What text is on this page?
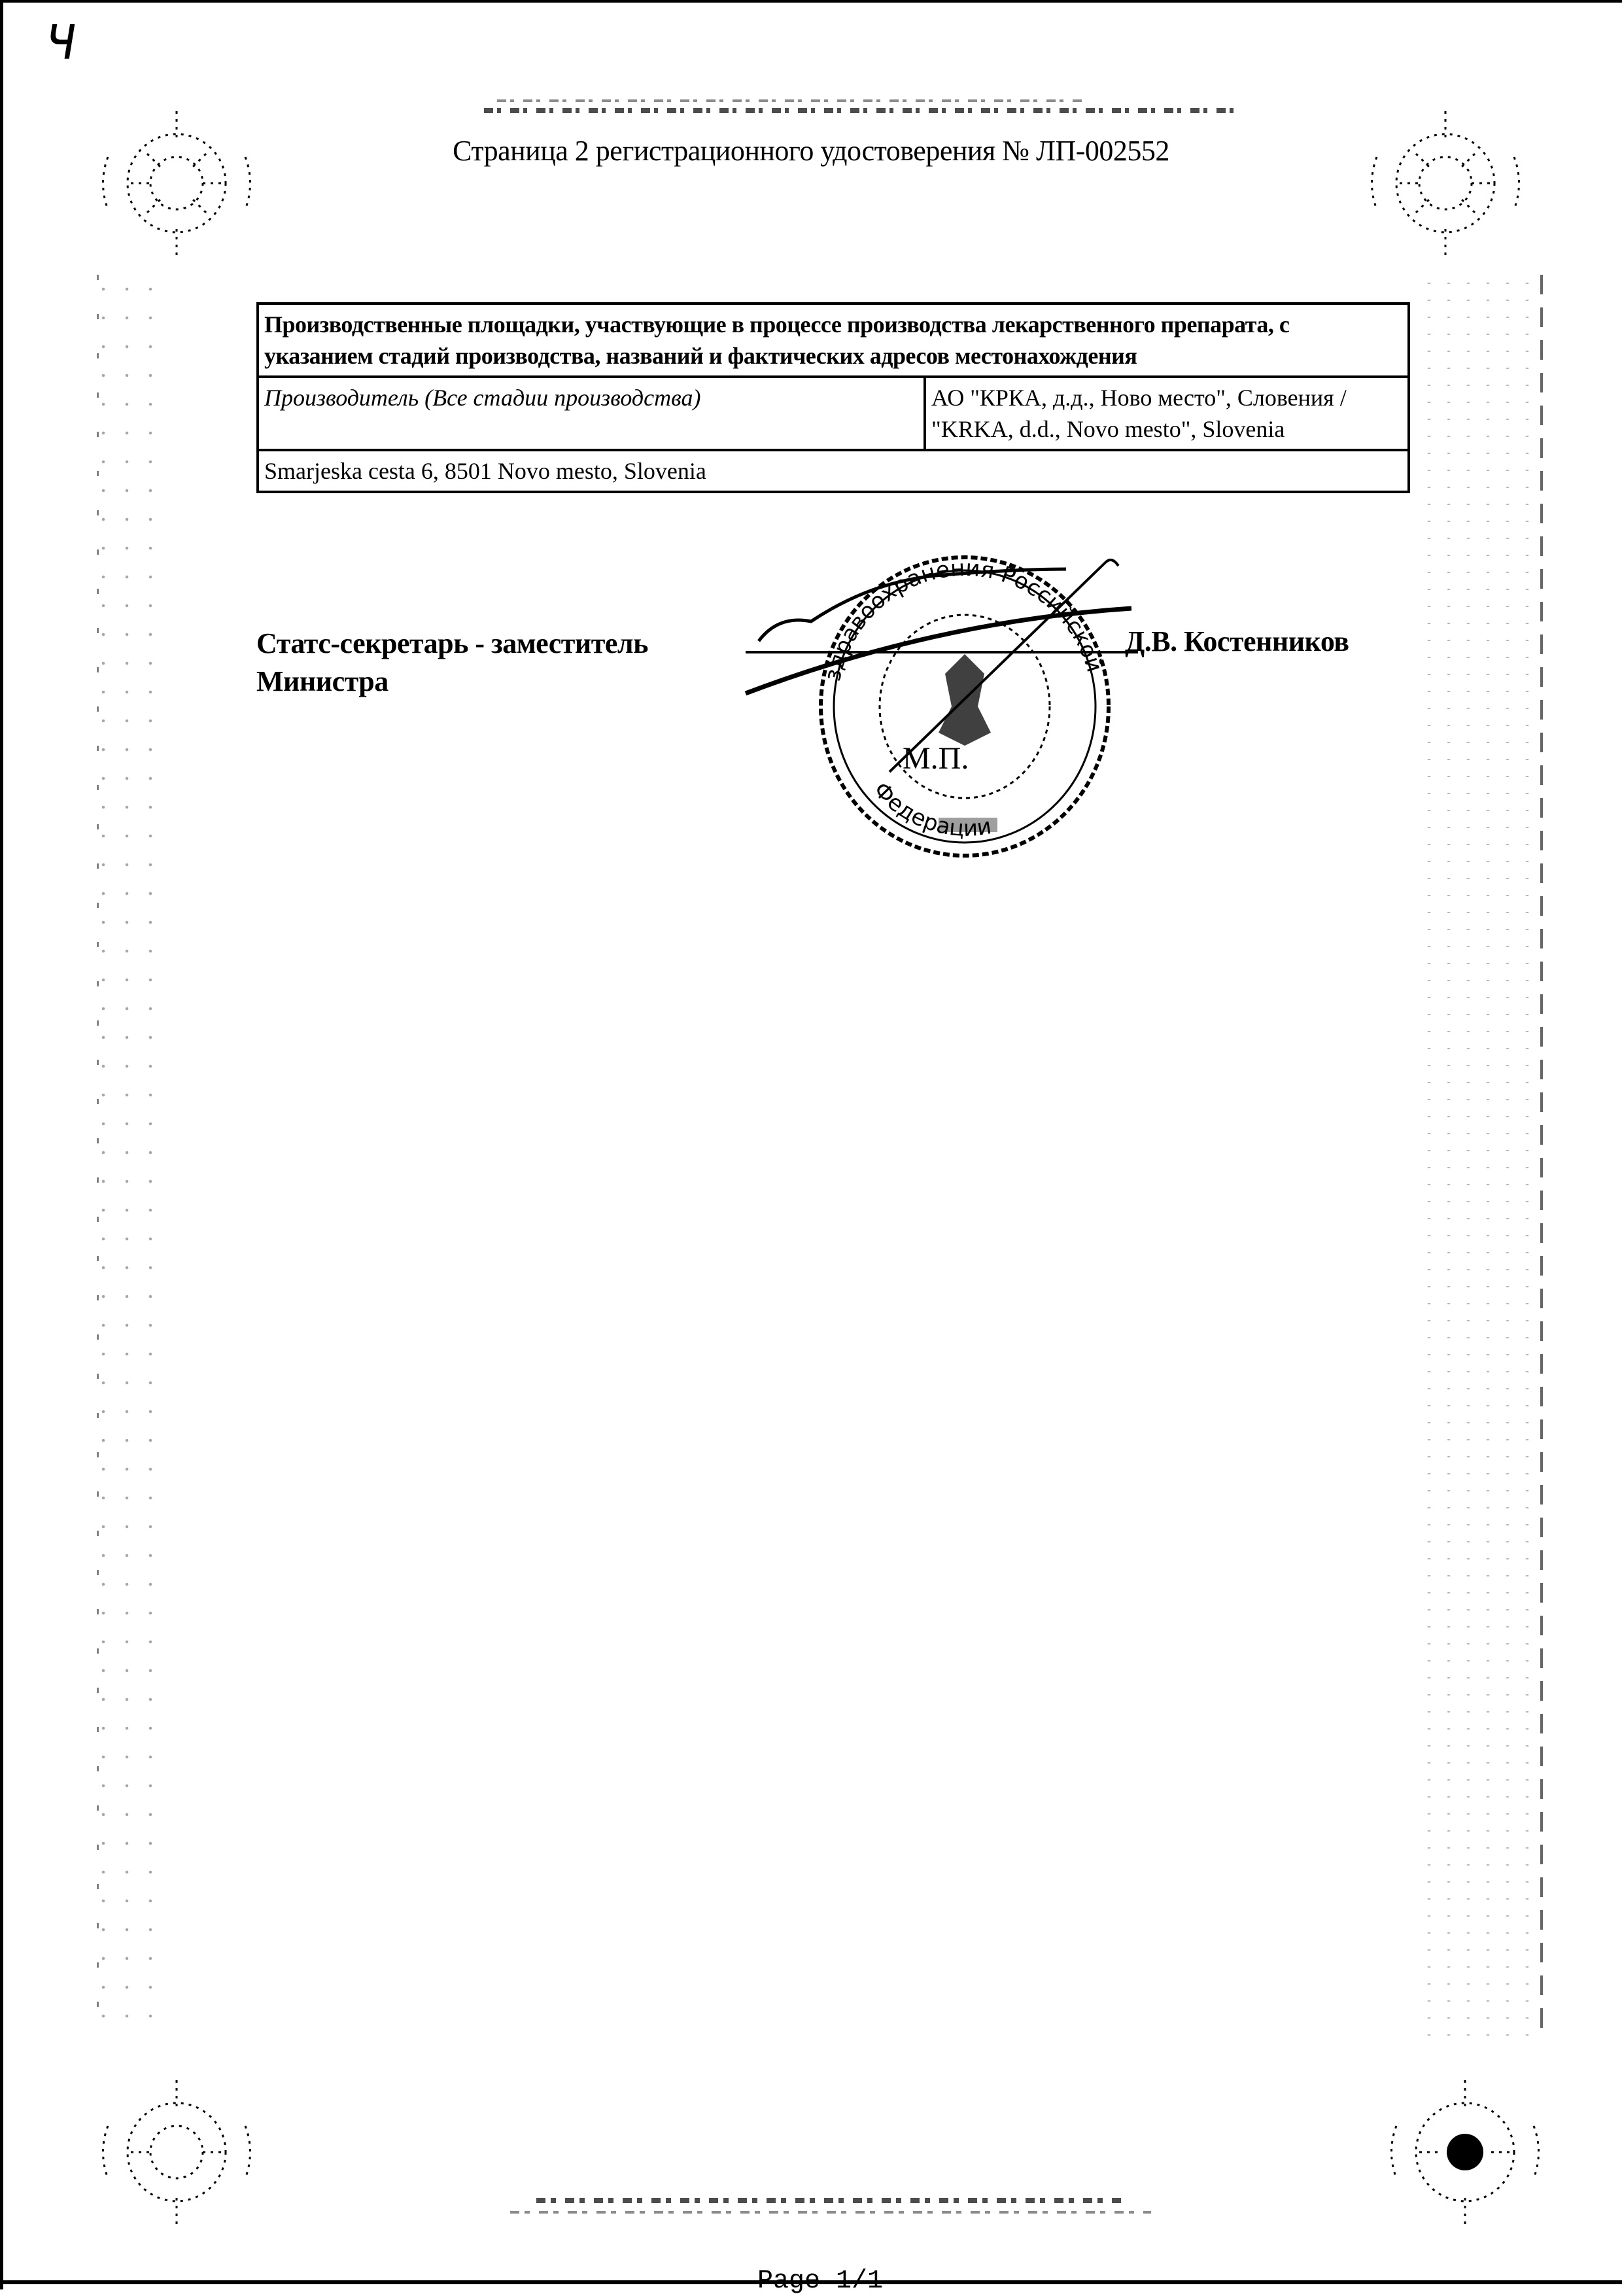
ч
Страница 2 регистрационного удостоверения № ЛП-002552
Производственные площадки, участвующие в процессе производства лекарственного препарата, с указанием стадий производства, названий и фактических адресов местонахождения
Производитель (Все стадии производства)	АО "КРКА, д.д., Ново место", Словения /
"KRKA, d.d., Novo mesto", Slovenia

Smarjeska cesta 6, 8501 Novo mesto, Slovenia
Статс-секретарь - заместитель
Министра	здравоохранения Российской
Федерации
М.П.
Д.В. Костенников
Page 1/1
